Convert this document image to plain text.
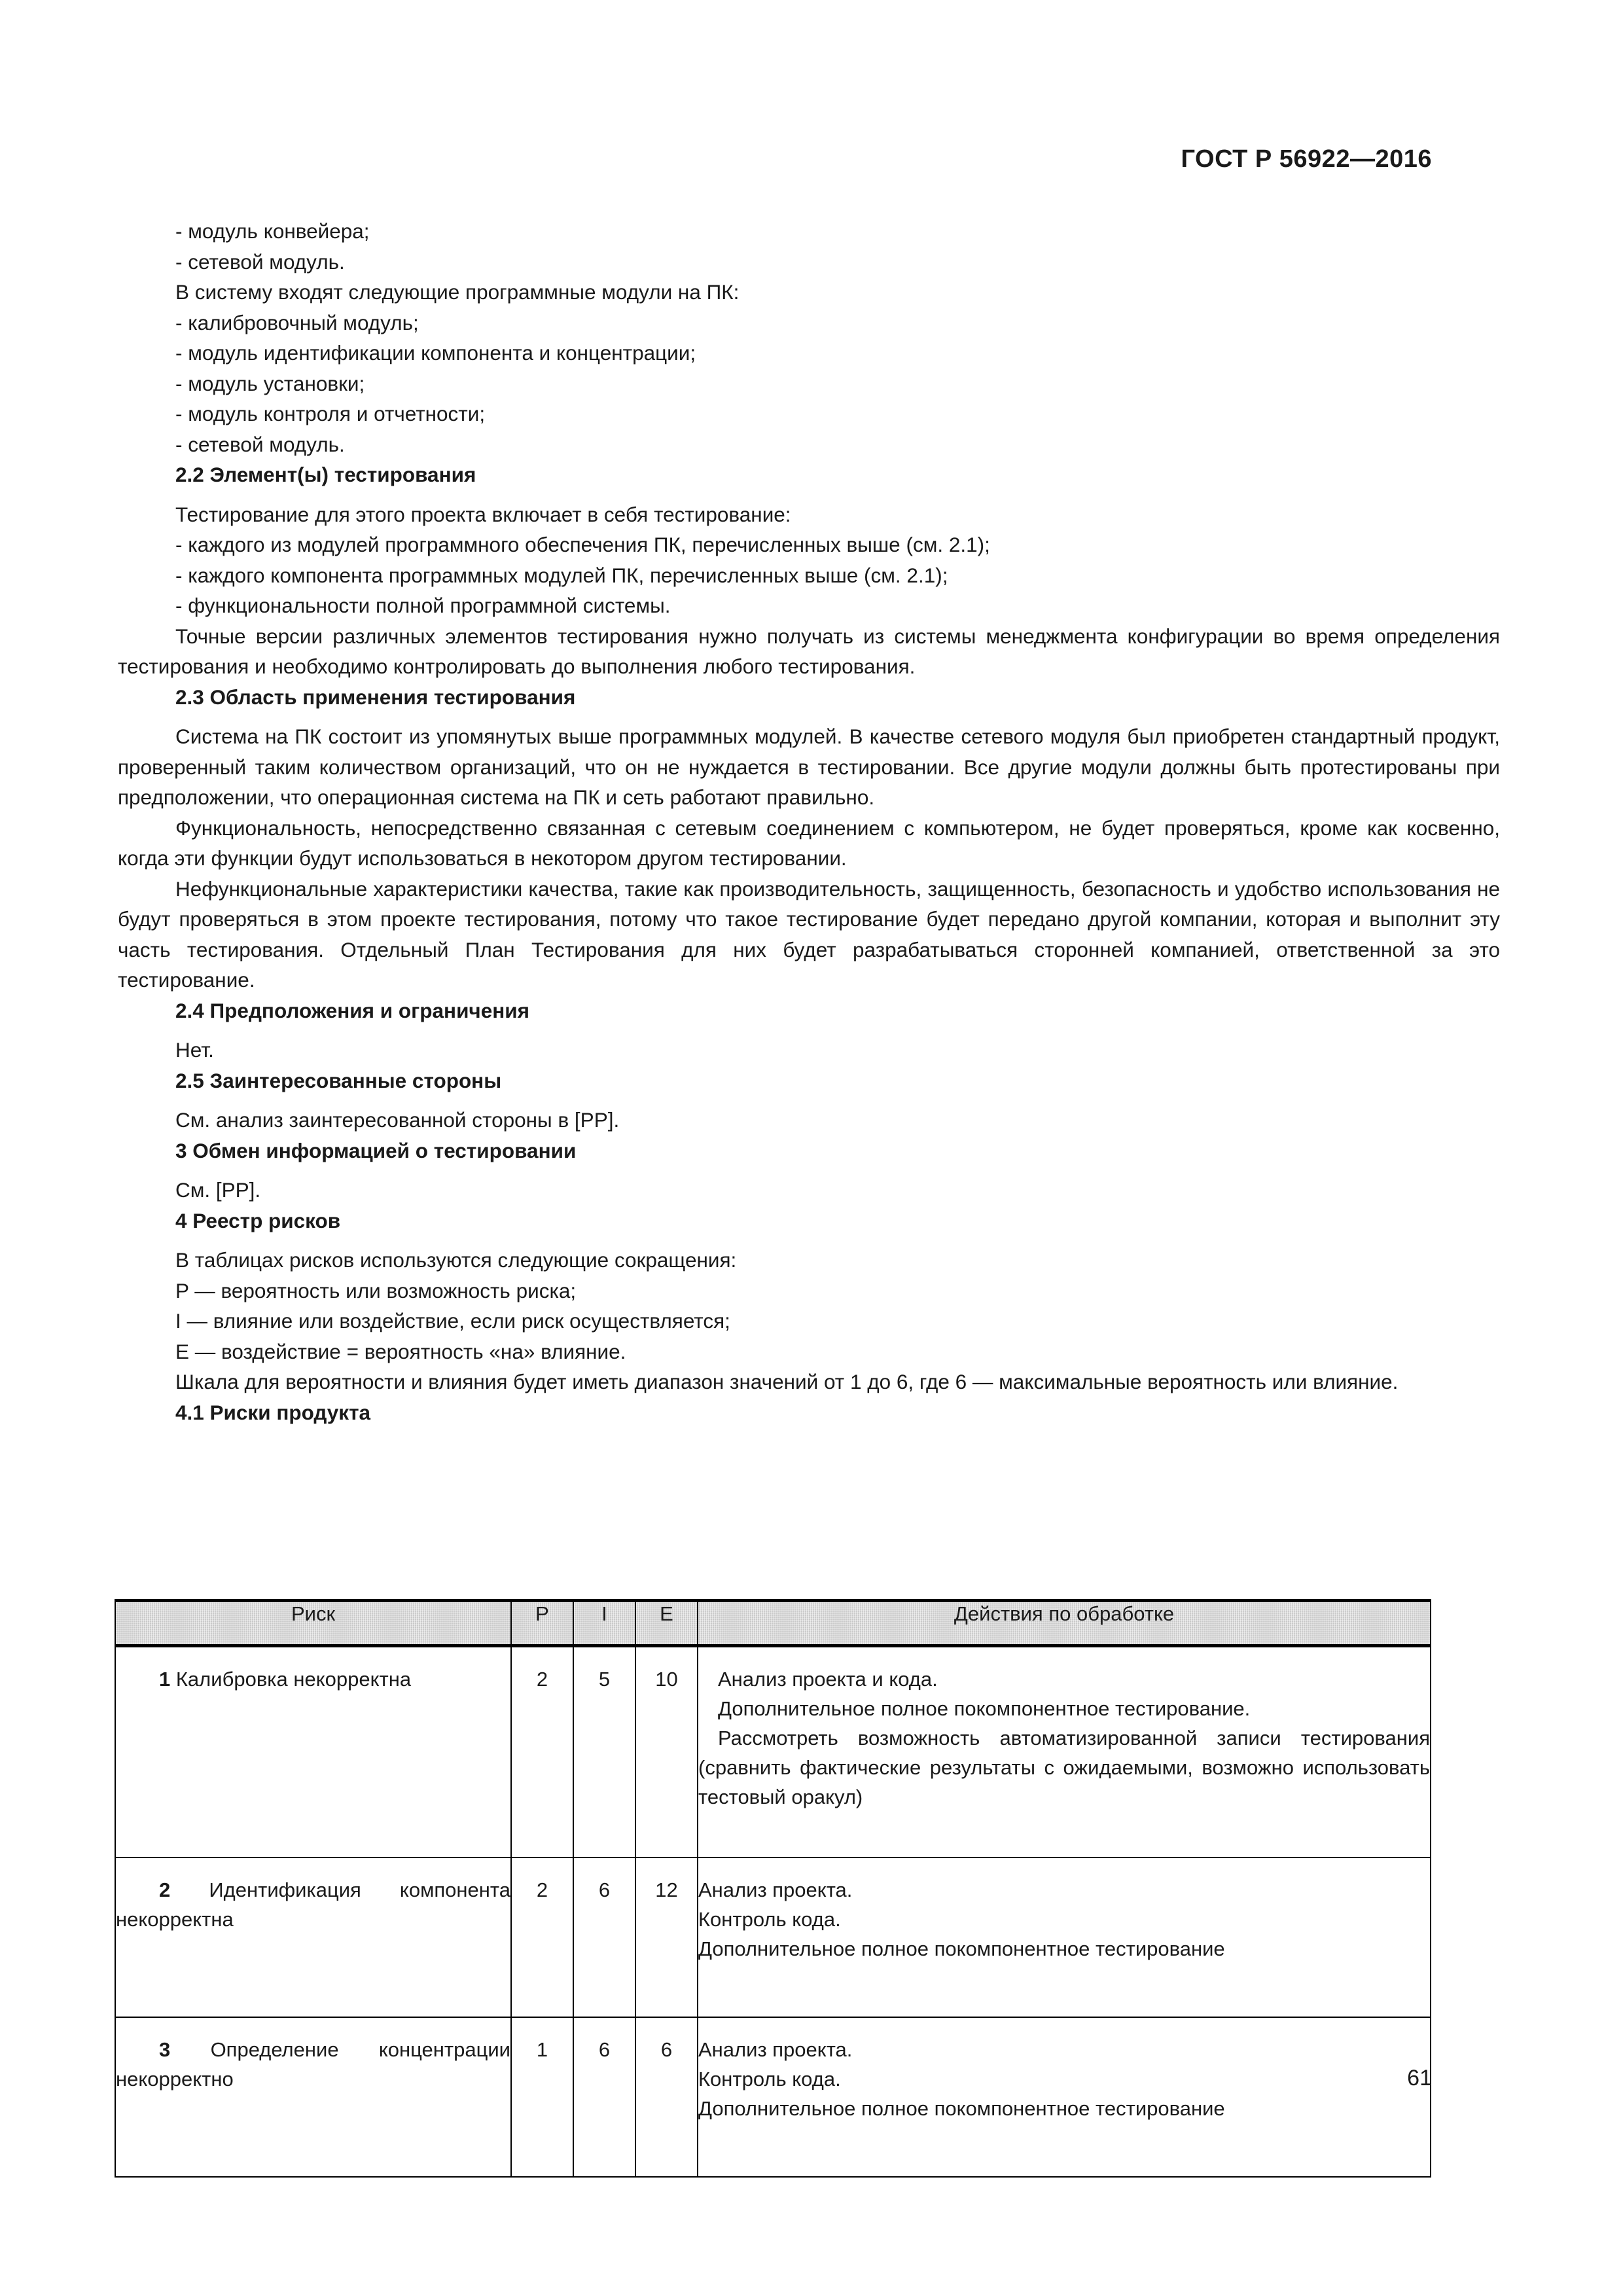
ГОСТ Р 56922—2016
- модуль конвейера;
- сетевой модуль.
В систему входят следующие программные модули на ПК:
- калибровочный модуль;
- модуль идентификации компонента и концентрации;
- модуль установки;
- модуль контроля и отчетности;
- сетевой модуль.
2.2 Элемент(ы) тестирования
Тестирование для этого проекта включает в себя тестирование:
- каждого из модулей программного обеспечения ПК, перечисленных выше (см. 2.1);
- каждого компонента программных модулей ПК, перечисленных выше (см. 2.1);
- функциональности полной программной системы.

Точные версии различных элементов тестирования нужно получать из системы менеджмента конфигурации во время определения тестирования и необходимо контролировать до выполнения любого тестирования.

2.3 Область применения тестирования

Система на ПК состоит из упомянутых выше программных модулей. В качестве сетевого модуля был приобретен стандартный продукт, проверенный таким количеством организаций, что он не нуждается в тестировании. Все другие модули должны быть протестированы при предположении, что операционная система на ПК и сеть работают правильно.

Функциональность, непосредственно связанная с сетевым соединением с компьютером, не будет проверяться, кроме как косвенно, когда эти функции будут использоваться в некотором другом тестировании.

Нефункциональные характеристики качества, такие как производительность, защищенность, безопасность и удобство использования не будут проверяться в этом проекте тестирования, потому что такое тестирование будет передано другой компании, которая и выполнит эту часть тестирования. Отдельный План Тестирования для них будет разрабатываться сторонней компанией, ответственной за это тестирование.

2.4 Предположения и ограничения
Нет.
2.5 Заинтересованные стороны
См. анализ заинтересованной стороны в [PP].
3 Обмен информацией о тестировании
См. [PP].
4 Реестр рисков
В таблицах рисков используются следующие сокращения:
P — вероятность или возможность риска;
I — влияние или воздействие, если риск осуществляется;
E — воздействие = вероятность «на» влияние.

Шкала для вероятности и влияния будет иметь диапазон значений от 1 до 6, где 6 — максимальные вероятность или влияние.

4.1 Риски продукта
Риск	P	I	E	Действия по обработке
1 Калибровка некорректна	2	5	10	Анализ проекта и кода.
Дополнительное полное покомпонентное тестирование.
Рассмотреть возможность автоматизированной записи тестирования (сравнить фактические результаты с ожидаемыми, возможно использовать тестовый оракул)

2 Идентификация компонента некорректна	2	6	12	Анализ проекта.
Контроль кода.
Дополнительное полное покомпонентное тестирование

3 Определение концентрации некорректно	1	6	6	Анализ проекта.
Контроль кода.
Дополнительное полное покомпонентное тестирование
61
